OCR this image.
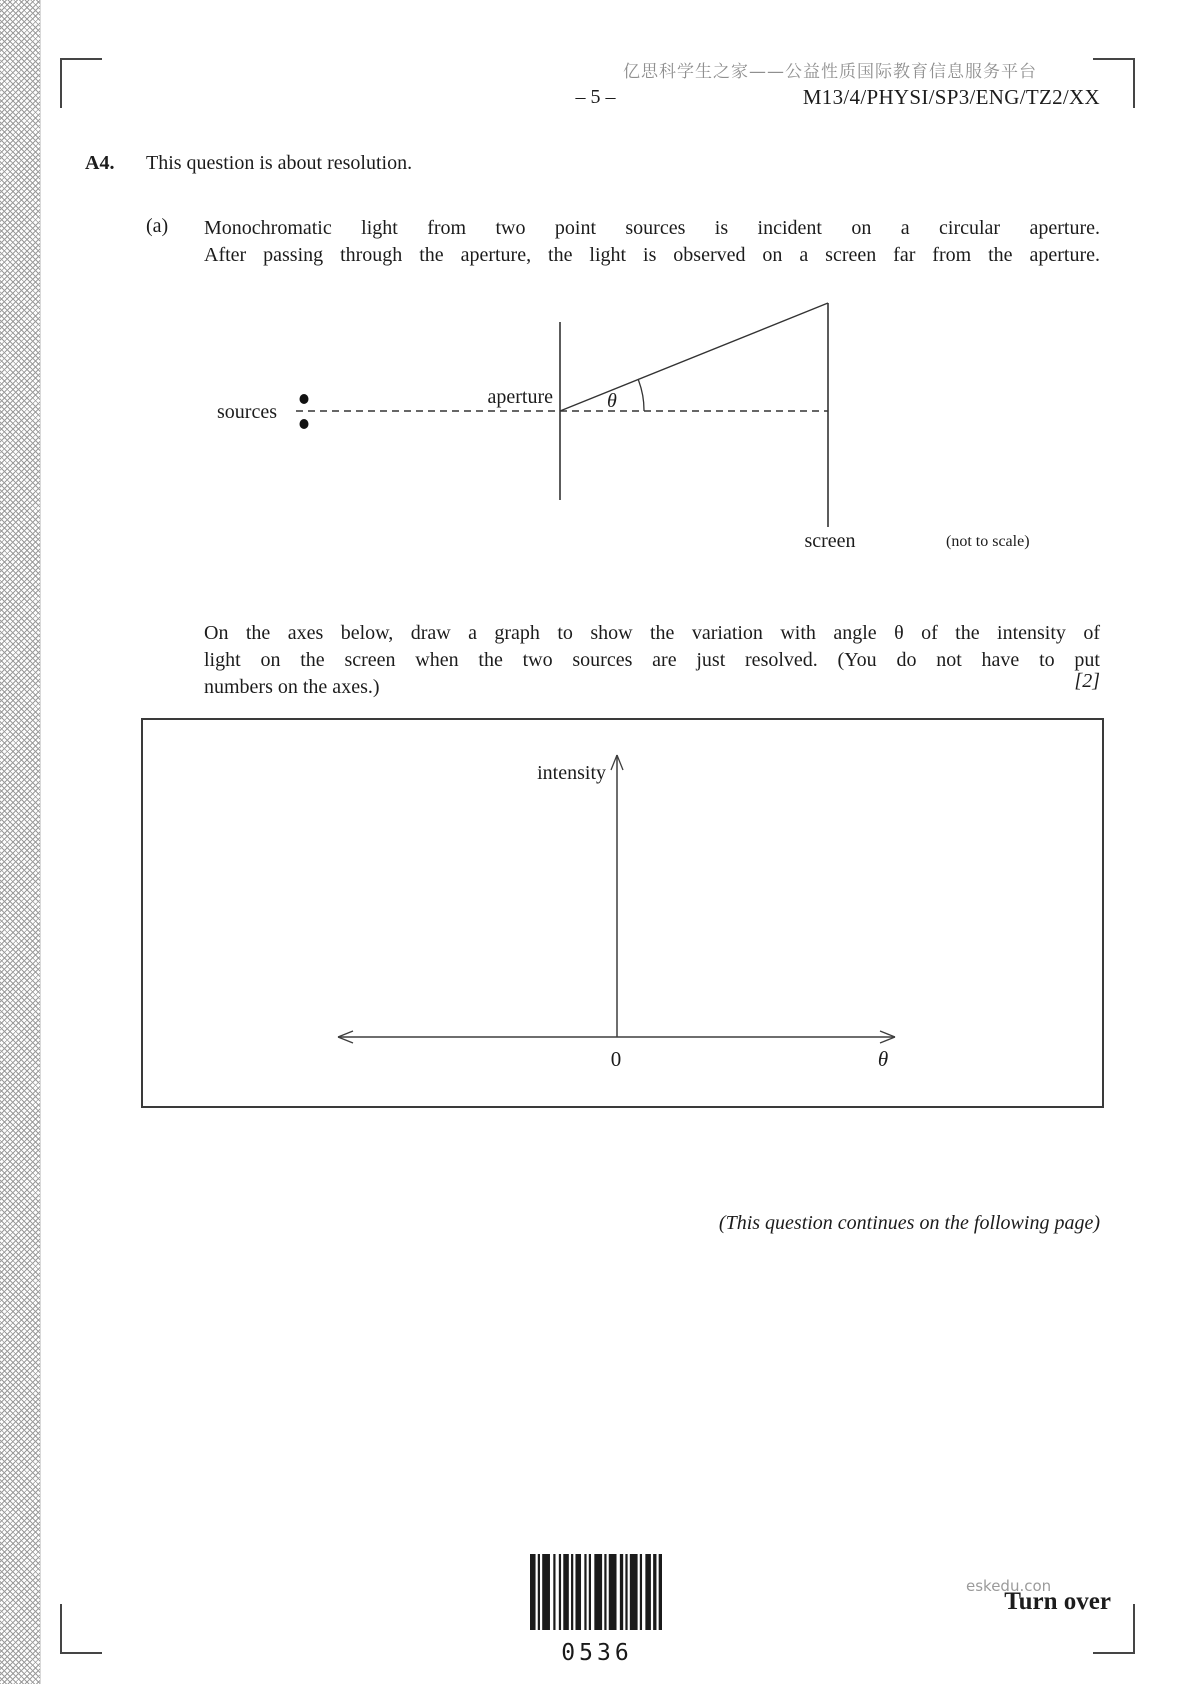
亿思科学生之家——公益性质国际教育信息服务平台
– 5 –	M13/4/PHYSI/SP3/ENG/TZ2/XX
A4. This question is about resolution.
(a) Monochromatic light from two point sources is incident on a circular aperture.
After passing through the aperture, the light is observed on a screen far from the aperture.
sources
aperture	θ
screen	(not to scale)
On the axes below, draw a graph to show the variation with angle θ of the intensity of
light on the screen when the two sources are just resolved. (You do not have to put
numbers on the axes.)	[2]
intensity
0	θ
(This question continues on the following page)
0536
eskedu.con
Turn over
